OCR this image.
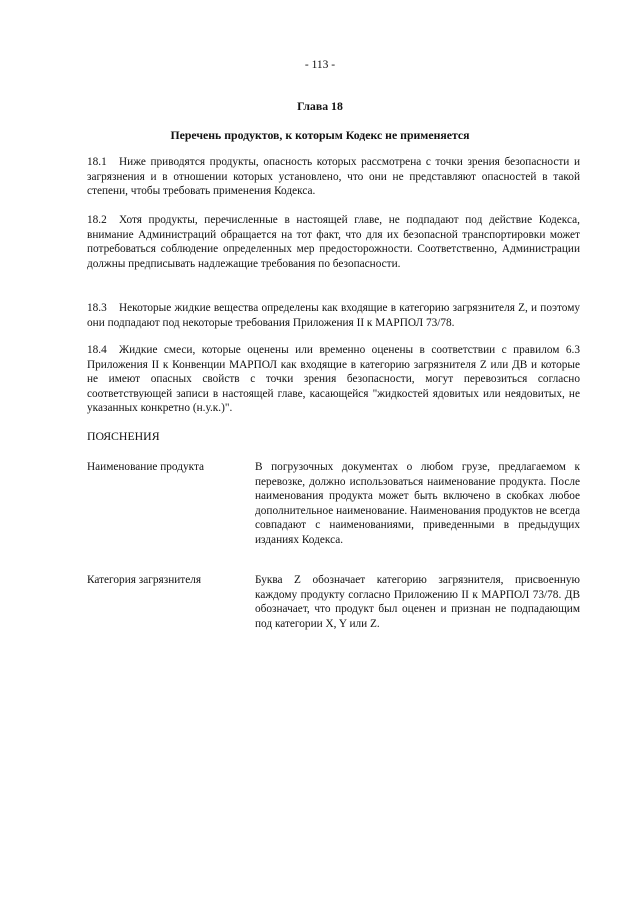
- 113 -
Глава 18
Перечень продуктов, к которым Кодекс не применяется
18.1 Ниже приводятся продукты, опасность которых рассмотрена с точки зрения безопасности и загрязнения и в отношении которых установлено, что они не представляют опасностей в такой степени, чтобы требовать применения Кодекса.
18.2 Хотя продукты, перечисленные в настоящей главе, не подпадают под действие Кодекса, внимание Администраций обращается на тот факт, что для их безопасной транспортировки может потребоваться соблюдение определенных мер предосторожности. Соответственно, Администрации должны предписывать надлежащие требования по безопасности.
18.3 Некоторые жидкие вещества определены как входящие в категорию загрязнителя Z, и поэтому они подпадают под некоторые требования Приложения II к МАРПОЛ 73/78.
18.4 Жидкие смеси, которые оценены или временно оценены в соответствии с правилом 6.3 Приложения II к Конвенции МАРПОЛ как входящие в категорию загрязнителя Z или ДВ и которые не имеют опасных свойств с точки зрения безопасности, могут перевозиться согласно соответствующей записи в настоящей главе, касающейся "жидкостей ядовитых или неядовитых, не указанных конкретно (н.у.к.)".
ПОЯСНЕНИЯ
Наименование продукта	В погрузочных документах о любом грузе, предлагаемом к перевозке, должно использоваться наименование продукта. После наименования продукта может быть включено в скобках любое дополнительное наименование. Наименования продуктов не всегда совпадают с наименованиями, приведенными в предыдущих изданиях Кодекса.
Категория загрязнителя	Буква Z обозначает категорию загрязнителя, присвоенную каждому продукту согласно Приложению II к МАРПОЛ 73/78. ДВ обозначает, что продукт был оценен и признан не подпадающим под категории X, Y или Z.
